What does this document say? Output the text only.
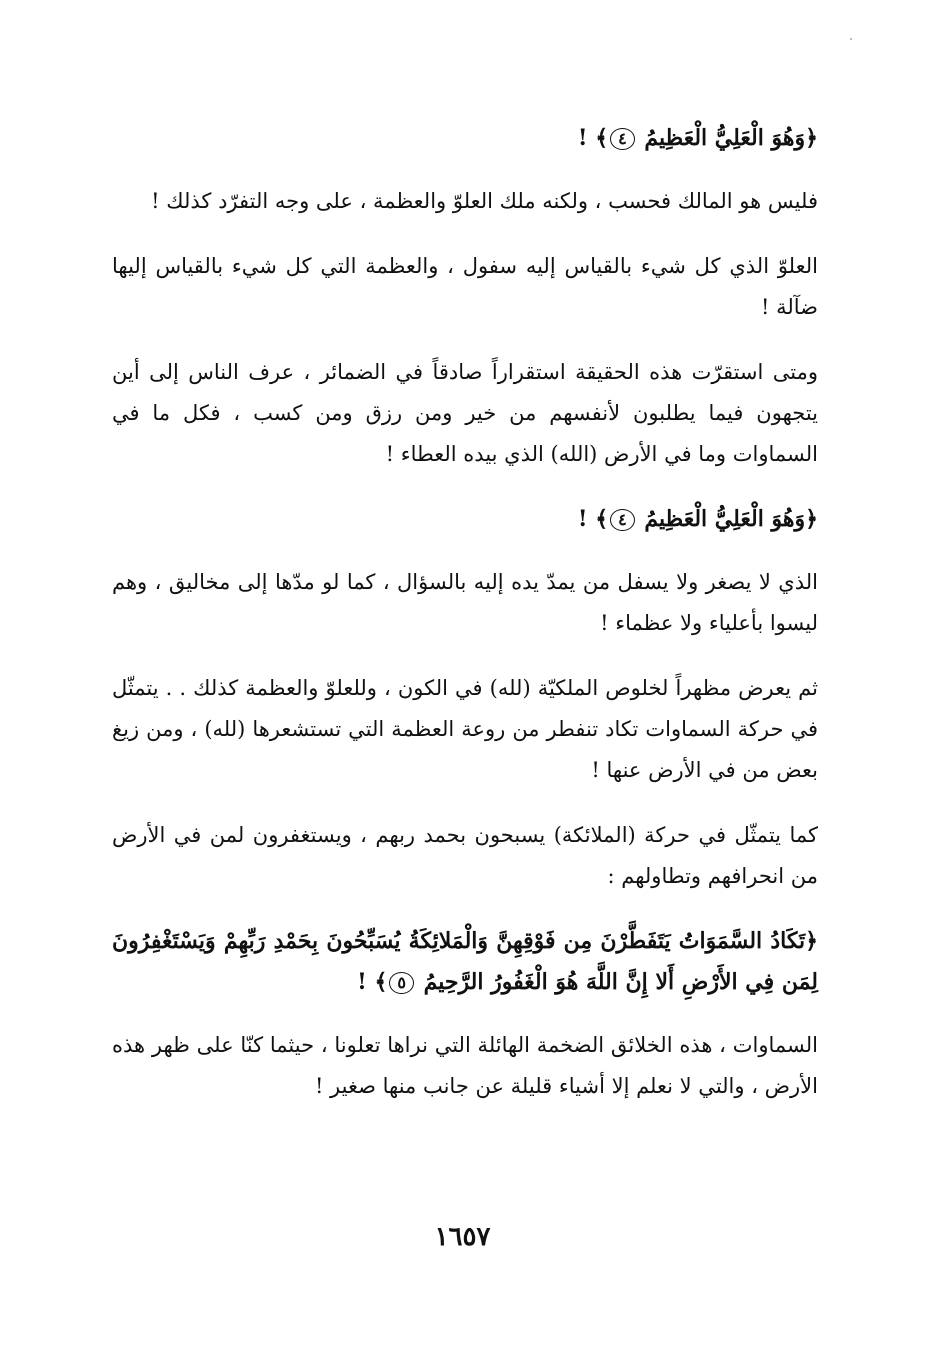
﴿وَهُوَ الْعَلِيُّ الْعَظِيمُ ٤﴾ !

فليس هو المالك فحسب ، ولكنه ملك العلوّ والعظمة ، على وجه التفرّد كذلك !

العلوّ الذي كل شيء بالقياس إليه سفول ، والعظمة التي كل شيء بالقياس إليها ضآلة !

ومتى استقرّت هذه الحقيقة استقراراً صادقاً في الضمائر ، عرف الناس إلى أين يتجهون فيما يطلبون لأنفسهم من خير ومن رزق ومن كسب ، فكل ما في السماوات وما في الأرض (الله) الذي بيده العطاء !

﴿وَهُوَ الْعَلِيُّ الْعَظِيمُ ٤﴾ !

الذي لا يصغر ولا يسفل من يمدّ يده إليه بالسؤال ، كما لو مدّها إلى مخاليق ، وهم ليسوا بأعلياء ولا عظماء !

ثم يعرض مظهراً لخلوص الملكيّة (لله) في الكون ، وللعلوّ والعظمة كذلك . . يتمثّل في حركة السماوات تكاد تنفطر من روعة العظمة التي تستشعرها (لله) ، ومن زيغ بعض من في الأرض عنها !

كما يتمثّل في حركة (الملائكة) يسبحون بحمد ربهم ، ويستغفرون لمن في الأرض من انحرافهم وتطاولهم :

﴿تَكَادُ السَّمَوَاتُ يَتَفَطَّرْنَ مِن فَوْقِهِنَّ وَالْمَلائِكَةُ يُسَبِّحُونَ بِحَمْدِ رَبِّهِمْ وَيَسْتَغْفِرُونَ لِمَن فِي الأَرْضِ أَلا إِنَّ اللَّهَ هُوَ الْغَفُورُ الرَّحِيمُ ٥﴾ !

السماوات ، هذه الخلائق الضخمة الهائلة التي نراها تعلونا ، حيثما كنّا على ظهر هذه الأرض ، والتي لا نعلم إلا أشياء قليلة عن جانب منها صغير !

١٦٥٧
